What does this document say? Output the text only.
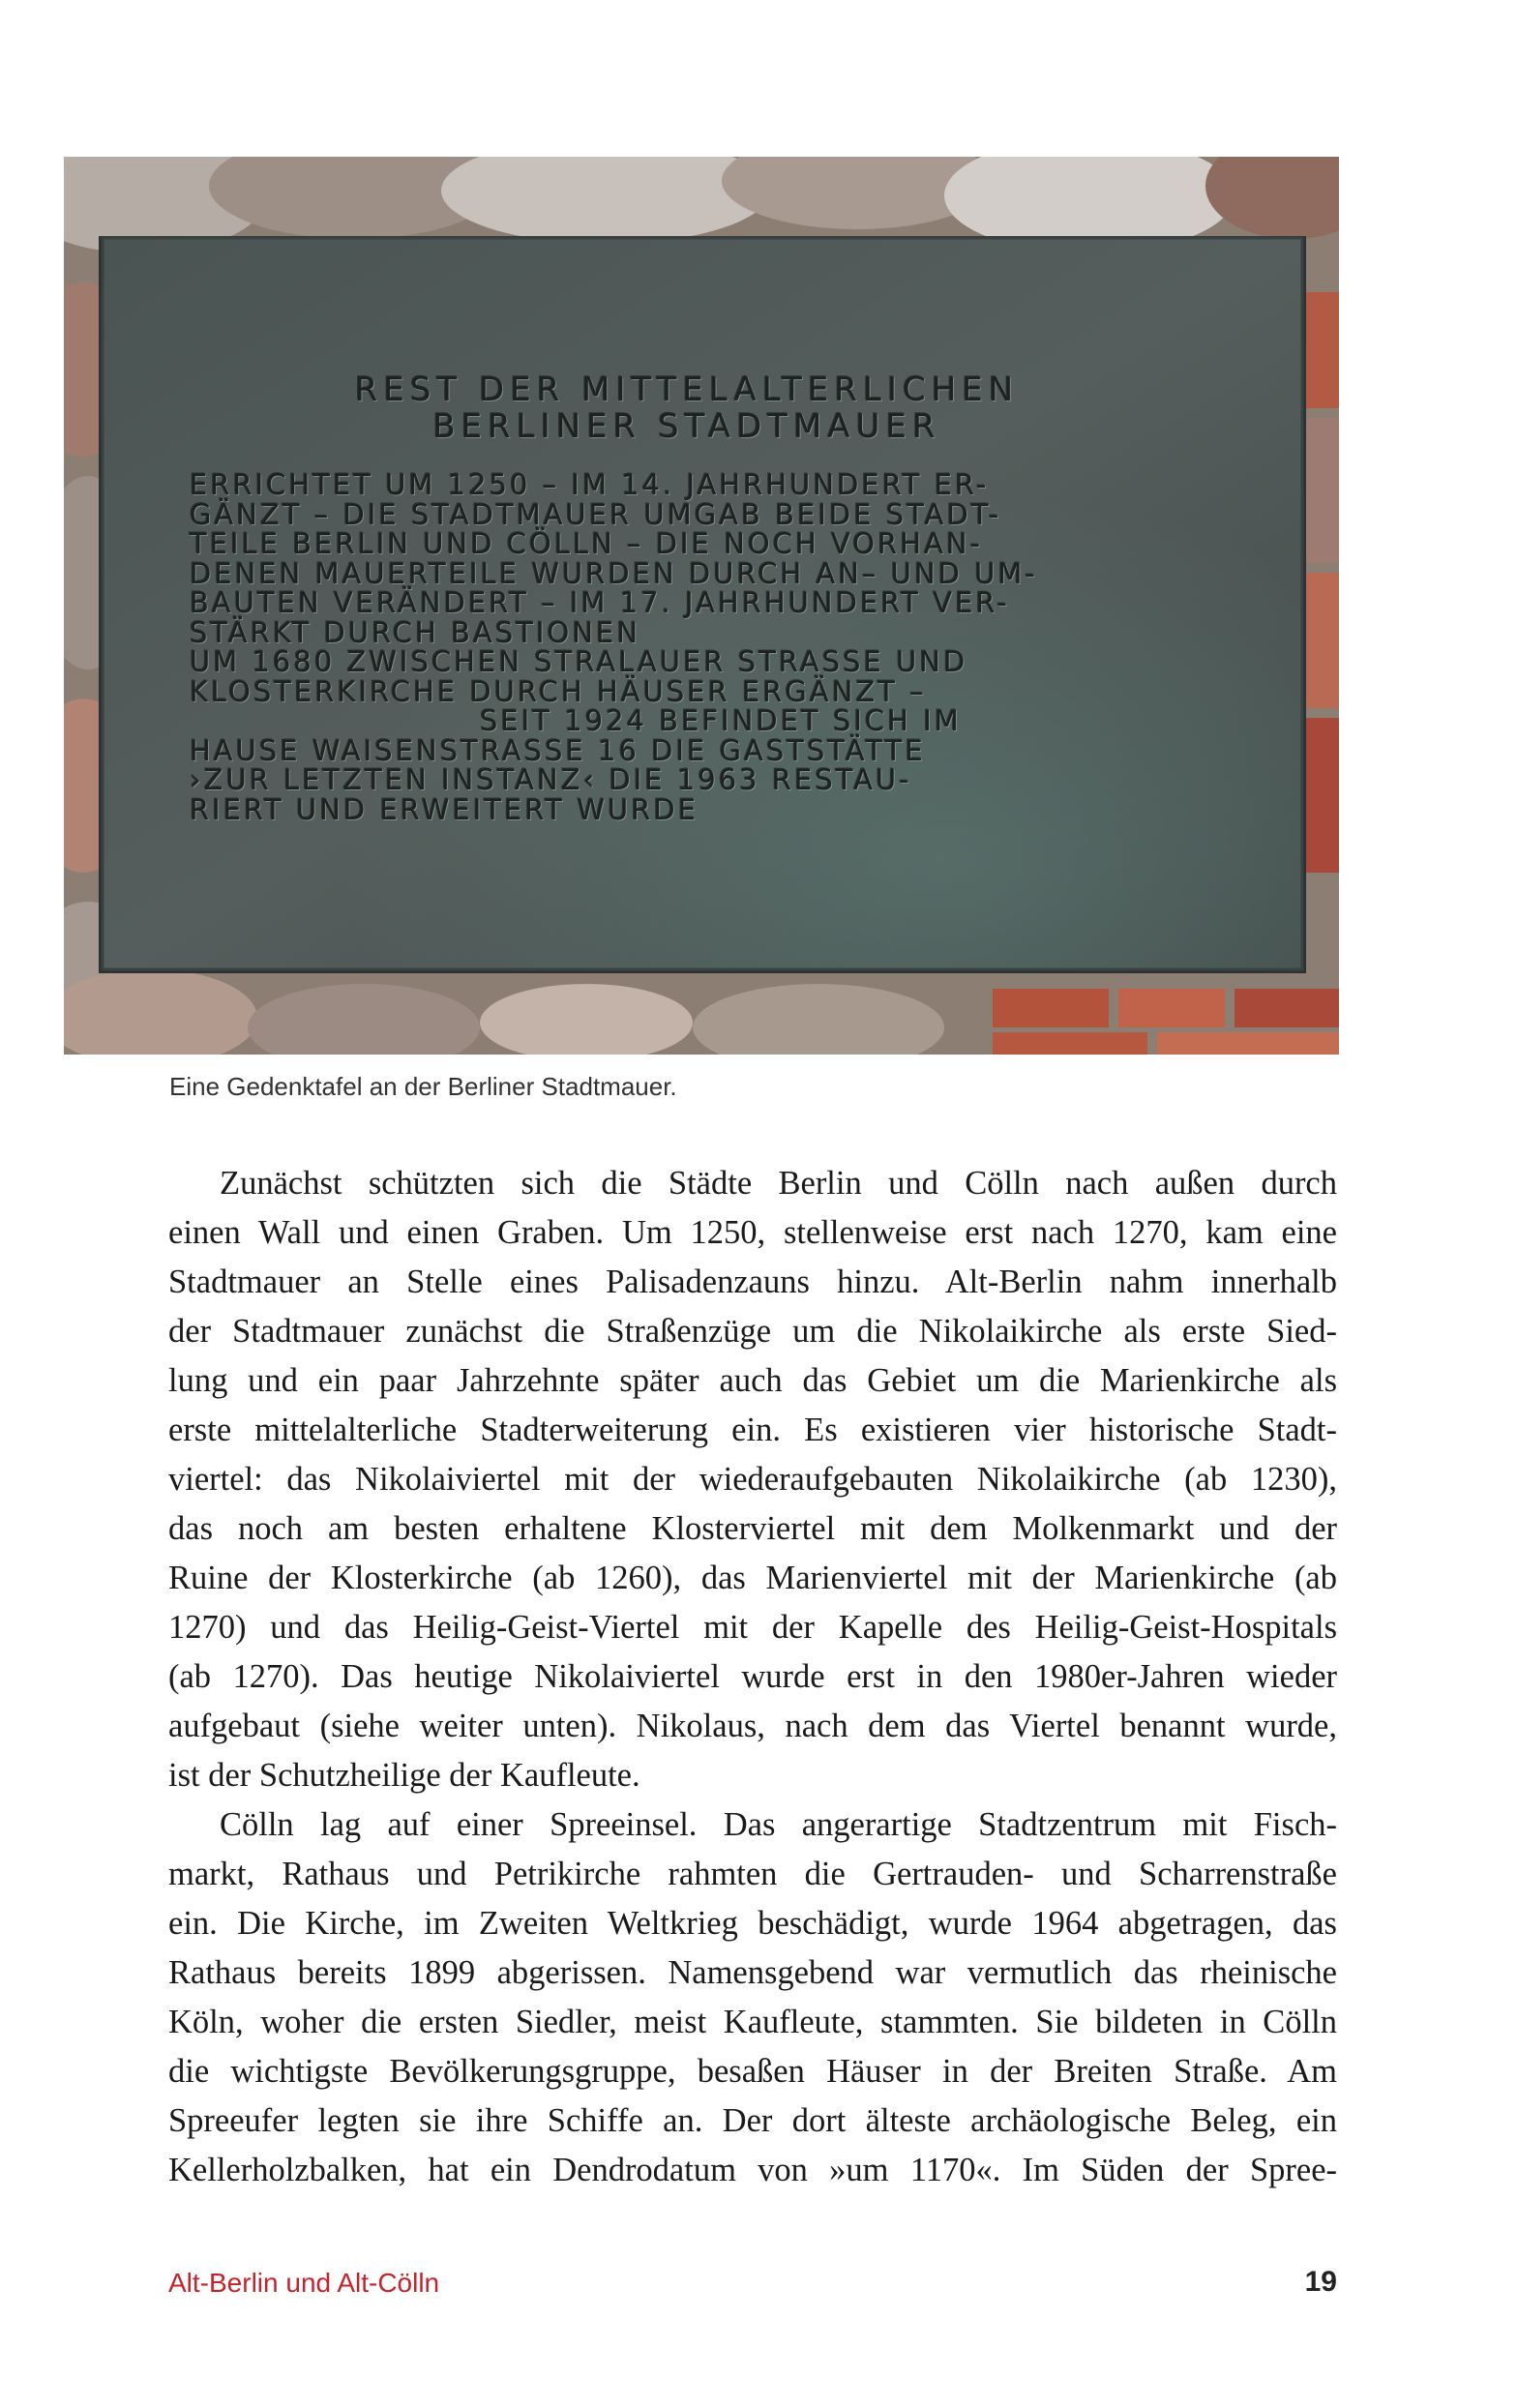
REST DER MITTELALTERLICHEN
BERLINER STADTMAUER
ERRICHTET UM 1250 – IM 14. JAHRHUNDERT ER-
GÄNZT – DIE STADTMAUER UMGAB BEIDE STADT-
TEILE BERLIN UND CÖLLN – DIE NOCH VORHAN-
DENEN MAUERTEILE WURDEN DURCH AN– UND UM-
BAUTEN VERÄNDERT – IM 17. JAHRHUNDERT VER-
STÄRKT DURCH BASTIONEN
UM 1680 ZWISCHEN STRALAUER STRASSE UND
KLOSTERKIRCHE DURCH HÄUSER ERGÄNZT –
SEIT 1924 BEFINDET SICH IM
HAUSE WAISENSTRASSE 16 DIE GASTSTÄTTE
›ZUR LETZTEN INSTANZ‹ DIE 1963 RESTAU-
RIERT UND ERWEITERT WURDE
Eine Gedenktafel an der Berliner Stadtmauer.

Zunächst schützten sich die Städte Berlin und Cölln nach außen durch
einen Wall und einen Graben. Um 1250, stellenweise erst nach 1270, kam eine
Stadtmauer an Stelle eines Palisadenzauns hinzu. Alt-Berlin nahm innerhalb
der Stadtmauer zunächst die Straßenzüge um die Nikolaikirche als erste Sied-
lung und ein paar Jahrzehnte später auch das Gebiet um die Marienkirche als
erste mittelalterliche Stadterweiterung ein. Es existieren vier historische Stadt-
viertel: das Nikolaiviertel mit der wiederaufgebauten Nikolaikirche (ab 1230),
das noch am besten erhaltene Klosterviertel mit dem Molkenmarkt und der
Ruine der Klosterkirche (ab 1260), das Marienviertel mit der Marienkirche (ab
1270) und das Heilig-Geist-Viertel mit der Kapelle des Heilig-Geist-Hospitals
(ab 1270). Das heutige Nikolaiviertel wurde erst in den 1980er-Jahren wieder
aufgebaut (siehe weiter unten). Nikolaus, nach dem das Viertel benannt wurde,
ist der Schutzheilige der Kaufleute.

Cölln lag auf einer Spreeinsel. Das angerartige Stadtzentrum mit Fisch-
markt, Rathaus und Petrikirche rahmten die Gertrauden- und Scharrenstraße
ein. Die Kirche, im Zweiten Weltkrieg beschädigt, wurde 1964 abgetragen, das
Rathaus bereits 1899 abgerissen. Namensgebend war vermutlich das rheinische
Köln, woher die ersten Siedler, meist Kaufleute, stammten. Sie bildeten in Cölln
die wichtigste Bevölkerungsgruppe, besaßen Häuser in der Breiten Straße. Am
Spreeufer legten sie ihre Schiffe an. Der dort älteste archäologische Beleg, ein
Kellerholzbalken, hat ein Dendrodatum von »um 1170«. Im Süden der Spree-

Alt-Berlin und Alt-Cölln	19
